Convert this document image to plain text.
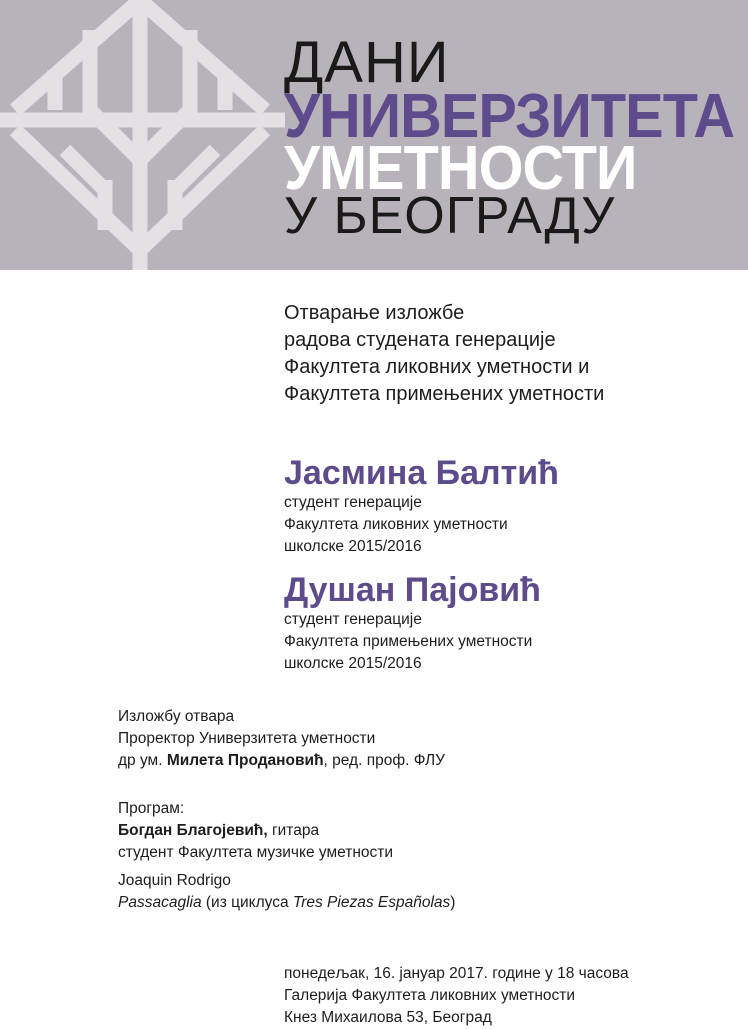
ДАНИ
УНИВЕРЗИТЕТА
УМЕТНОСТИ
У БЕОГРАДУ
Отварање изложбе
радова студената генерације
Факултета ликовних уметности и
Факултета примењених уметности
Јасмина Балтић
студент генерације
Факултета ликовних уметности
школске 2015/2016
Душан Пајовић
студент генерације
Факултета примењених уметности
школске 2015/2016
Изложбу отвара
Проректор Универзитета уметности
др ум. Милета Продановић, ред. проф. ФЛУ
Програм:
Богдан Благојевић, гитара
студент Факултета музичке уметности
Joaquin Rodrigo
Passacaglia (из циклуса Tres Piezas Españolas)
понедељак, 16. јануар 2017. године у 18 часова
Галерија Факултета ликовних уметности
Кнез Михаилова 53, Београд
